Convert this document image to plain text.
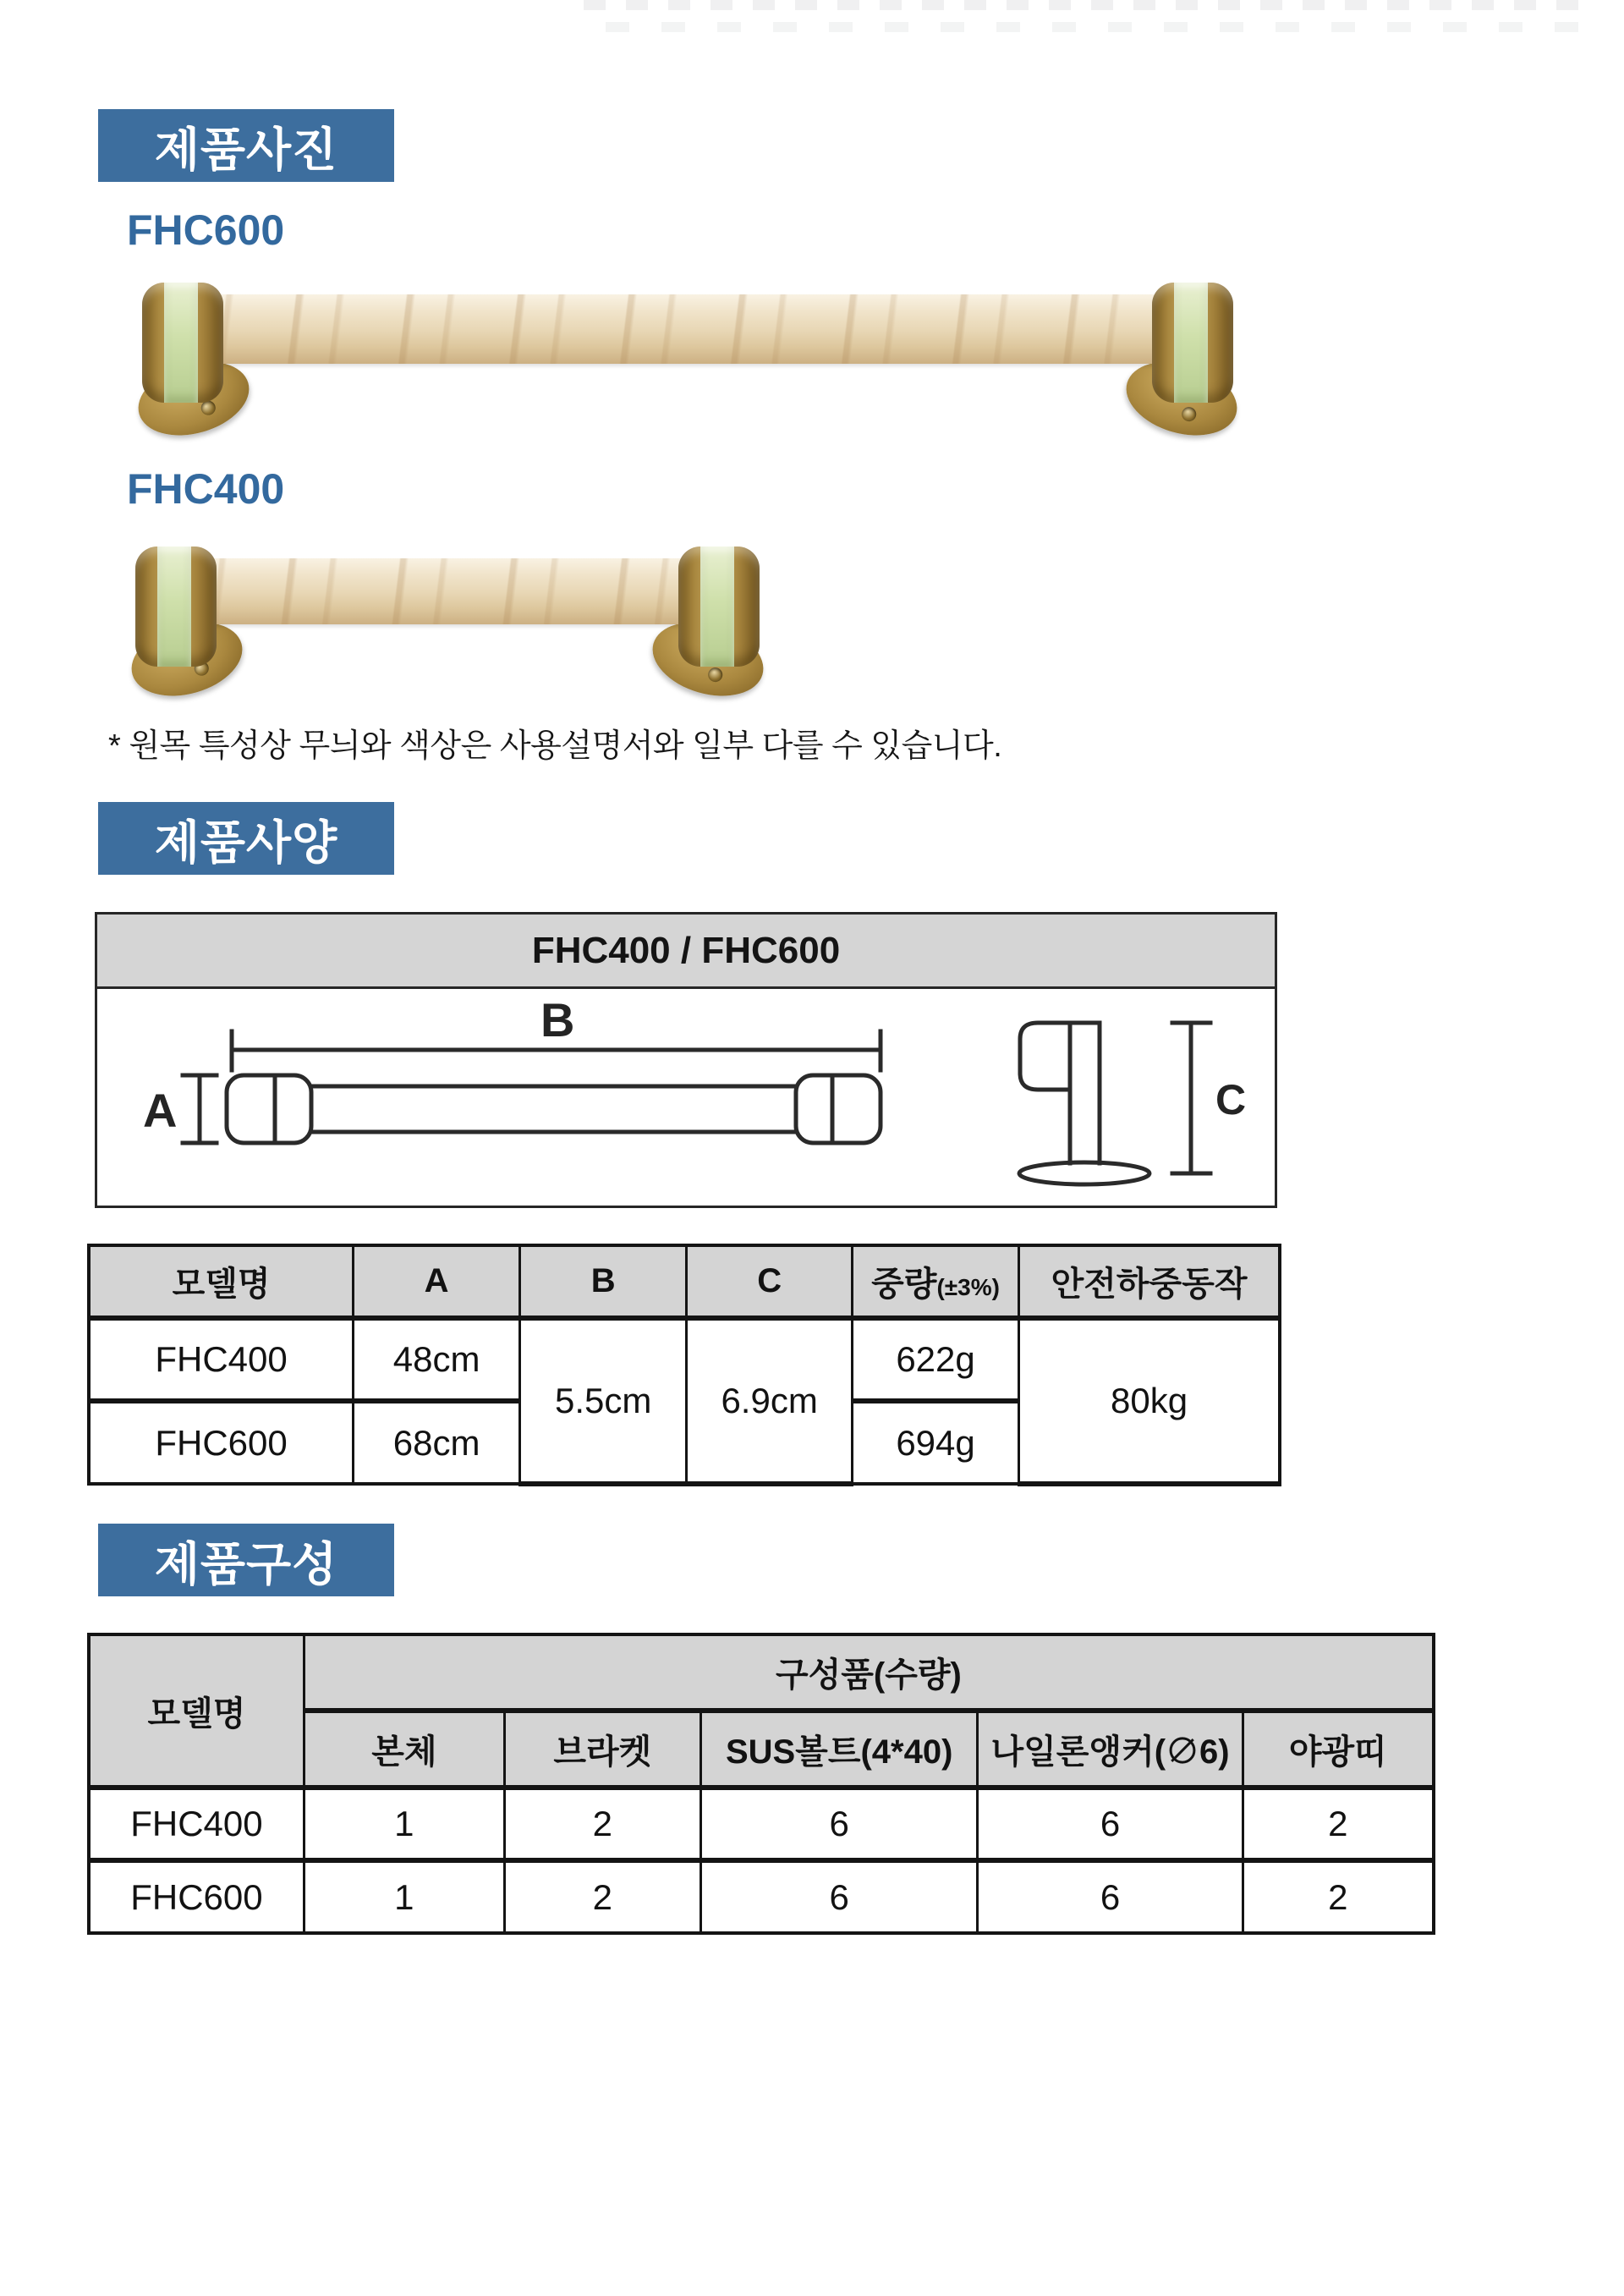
제품사진
FHC600
FHC400
* 원목 특성상 무늬와 색상은 사용설명서와 일부 다를 수 있습니다.
제품사양
FHC400 / FHC600
B
A	C
모델명	A	B	C	중량(±3%)	안전하중동작
FHC400	48cm	5.5cm	6.9cm	622g	80kg
FHC600	68cm			694g	
제품구성
모델명	구성품(수량)				
	본체	브라켓	SUS볼트(4*40)	나일론앵커(∅6)	야광띠
FHC400	1	2	6	6	2
FHC600	1	2	6	6	2
